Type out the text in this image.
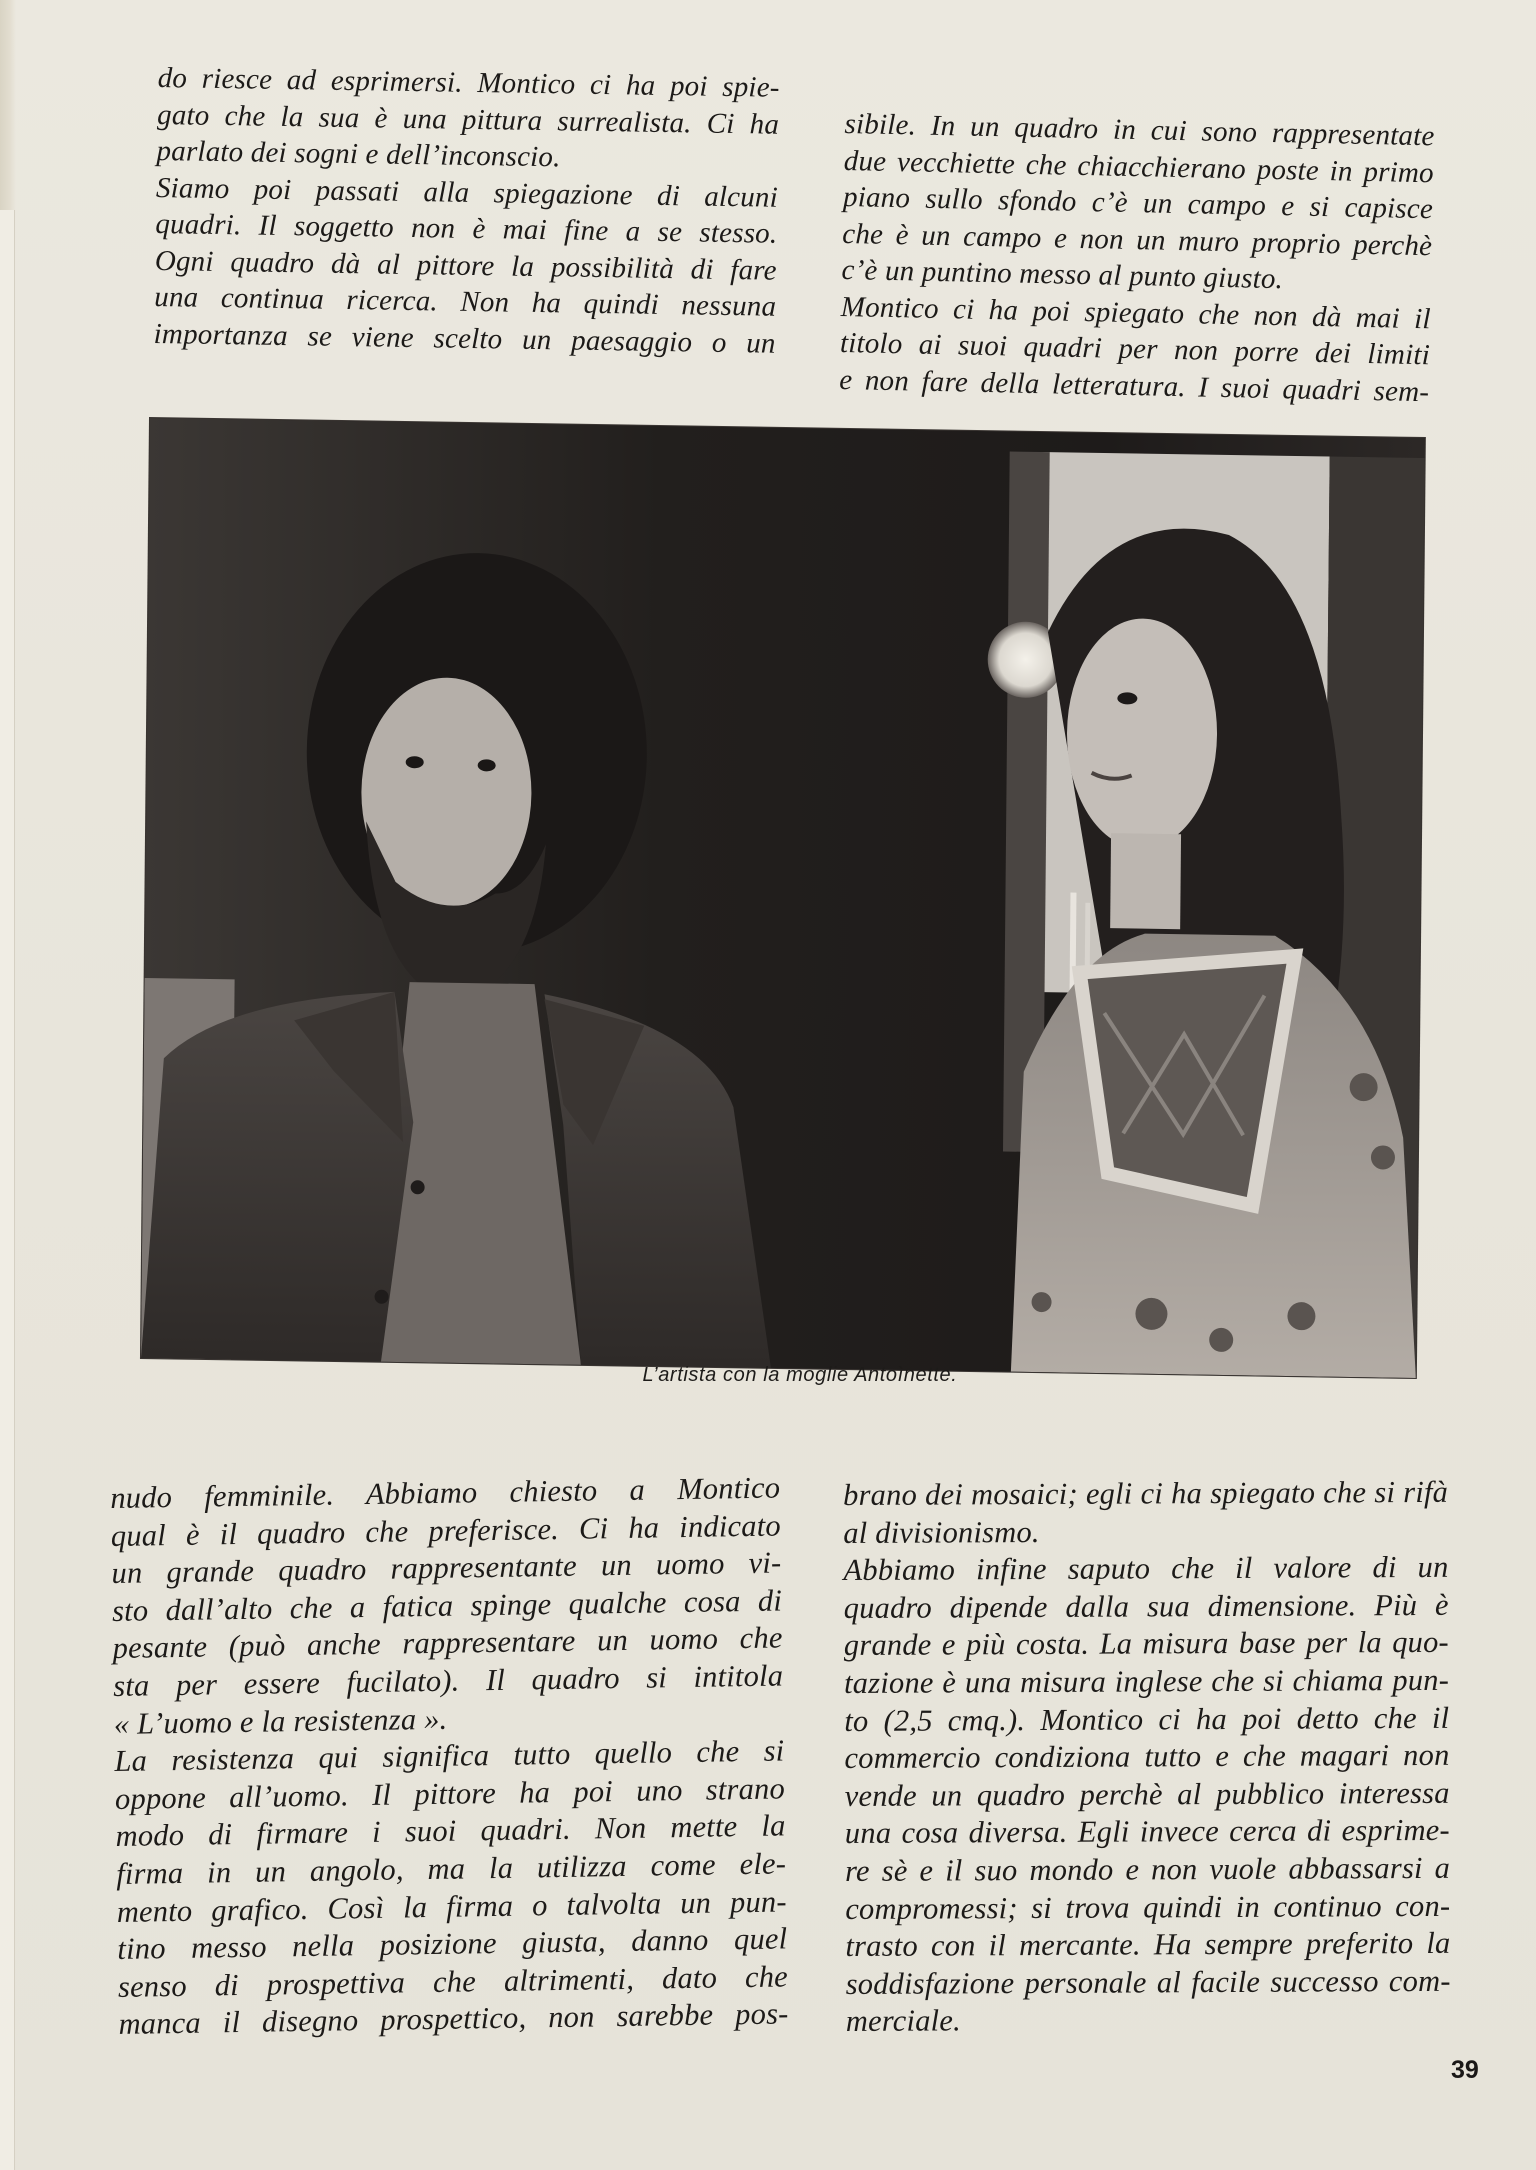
do riesce ad esprimersi. Montico ci ha poi spie-
gato che la sua è una pittura surrealista. Ci ha
parlato dei sogni e dell’inconscio.
Siamo poi passati alla spiegazione di alcuni
quadri. Il soggetto non è mai fine a se stesso.
Ogni quadro dà al pittore la possibilità di fare
una continua ricerca. Non ha quindi nessuna
importanza se viene scelto un paesaggio o un
sibile. In un quadro in cui sono rappresentate
due vecchiette che chiacchierano poste in primo
piano sullo sfondo c’è un campo e si capisce
che è un campo e non un muro proprio perchè
c’è un puntino messo al punto giusto.
Montico ci ha poi spiegato che non dà mai il
titolo ai suoi quadri per non porre dei limiti
e non fare della letteratura. I suoi quadri sem-
L’artista con la moglie Antoìnette.
nudo femminile. Abbiamo chiesto a Montico
qual è il quadro che preferisce. Ci ha indicato
un grande quadro rappresentante un uomo vi-
sto dall’alto che a fatica spinge qualche cosa di
pesante (può anche rappresentare un uomo che
sta per essere fucilato). Il quadro si intitola
« L’uomo e la resistenza ».
La resistenza qui significa tutto quello che si
oppone all’uomo. Il pittore ha poi uno strano
modo di firmare i suoi quadri. Non mette la
firma in un angolo, ma la utilizza come ele-
mento grafico. Così la firma o talvolta un pun-
tino messo nella posizione giusta, danno quel
senso di prospettiva che altrimenti, dato che
manca il disegno prospettico, non sarebbe pos-
brano dei mosaici; egli ci ha spiegato che si rifà
al divisionismo.
Abbiamo infine saputo che il valore di un
quadro dipende dalla sua dimensione. Più è
grande e più costa. La misura base per la quo-
tazione è una misura inglese che si chiama pun-
to (2,5 cmq.). Montico ci ha poi detto che il
commercio condiziona tutto e che magari non
vende un quadro perchè al pubblico interessa
una cosa diversa. Egli invece cerca di esprime-
re sè e il suo mondo e non vuole abbassarsi a
compromessi; si trova quindi in continuo con-
trasto con il mercante. Ha sempre preferito la
soddisfazione personale al facile successo com-
merciale.
39
